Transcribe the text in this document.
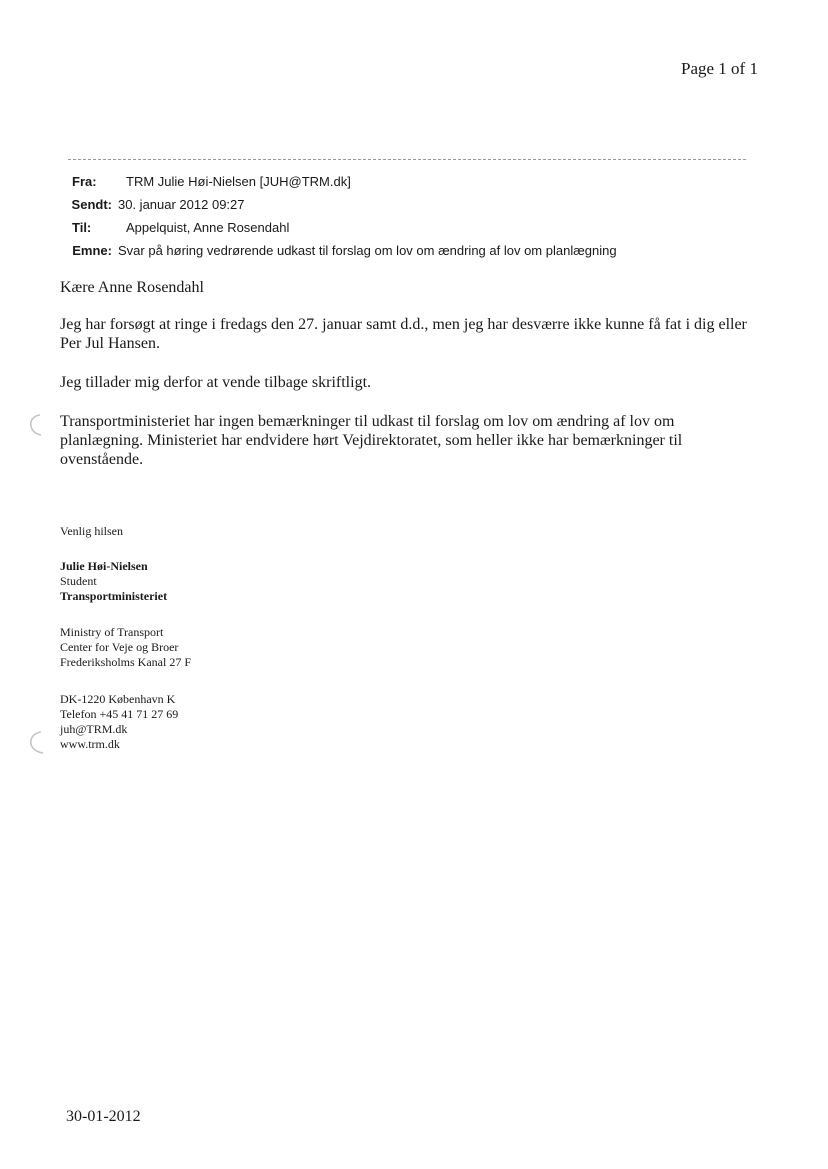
Page 1 of 1
Fra:	TRM Julie Høi-Nielsen [JUH@TRM.dk]
Sendt: 30. januar 2012 09:27
Til:	Appelquist, Anne Rosendahl
Emne: Svar på høring vedrørende udkast til forslag om lov om ændring af lov om planlægning
Kære Anne Rosendahl
Jeg har forsøgt at ringe i fredags den 27. januar samt d.d., men jeg har desværre ikke kunne få fat i dig eller Per Jul Hansen.
Jeg tillader mig derfor at vende tilbage skriftligt.
Transportministeriet har ingen bemærkninger til udkast til forslag om lov om ændring af lov om planlægning. Ministeriet har endvidere hørt Vejdirektoratet, som heller ikke har bemærkninger til ovenstående.
Venlig hilsen
Julie Høi-Nielsen
Student
Transportministeriet
Ministry of Transport
Center for Veje og Broer
Frederiksholms Kanal 27 F
DK-1220 København K
Telefon +45 41 71 27 69
juh@TRM.dk
www.trm.dk
30-01-2012
